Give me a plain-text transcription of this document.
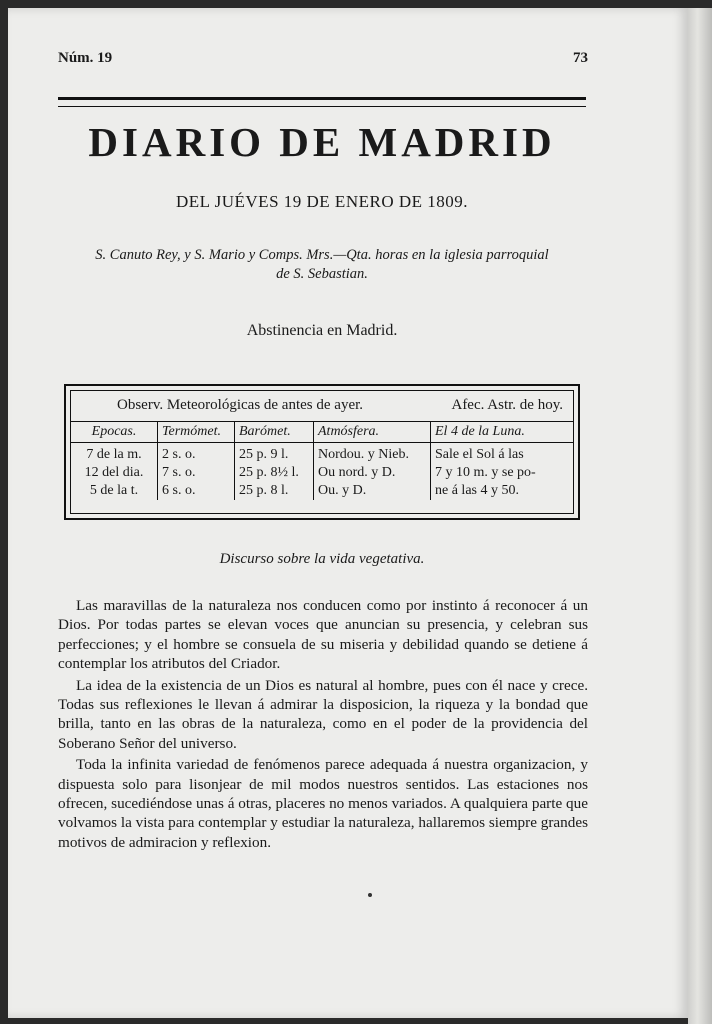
Núm. 19	73
DIARIO DE MADRID
DEL JUÉVES 19 DE ENERO DE 1809.
S. Canuto Rey, y S. Mario y Comps. Mrs.—Qta. horas en la iglesia parroquial
de S. Sebastian.
Abstinencia en Madrid.
Observ. Meteorológicas de antes de ayer.	Afec. Astr. de hoy.
Epocas.	Termómet.	Barómet.	Atmósfera.	El 4 de la Luna.
7 de la m.	2 s. o.	25 p. 9 l.	Nordou. y Nieb.	Sale el Sol á las
12 del dia.	7 s. o.	25 p. 8½ l.	Ou nord. y D.	7 y 10 m. y se po-
5 de la t.	6 s. o.	25 p. 8 l.	Ou. y D.	ne á las 4 y 50.
Discurso sobre la vida vegetativa.

Las maravillas de la naturaleza nos conducen como por instinto á reconocer á un Dios. Por todas partes se elevan voces que anuncian su presencia, y celebran sus perfecciones; y el hombre se consuela de su miseria y debilidad quando se detiene á contemplar los atributos del Criador.

La idea de la existencia de un Dios es natural al hombre, pues con él nace y crece. Todas sus reflexiones le llevan á admirar la disposicion, la riqueza y la bondad que brilla, tanto en las obras de la naturaleza, como en el poder de la providencia del Soberano Señor del universo.

Toda la infinita variedad de fenómenos parece adequada á nuestra organizacion, y dispuesta solo para lisonjear de mil modos nuestros sentidos. Las estaciones nos ofrecen, sucediéndose unas á otras, placeres no menos variados. A qualquiera parte que volvamos la vista para contemplar y estudiar la naturaleza, hallaremos siempre grandes motivos de admiracion y reflexion.
